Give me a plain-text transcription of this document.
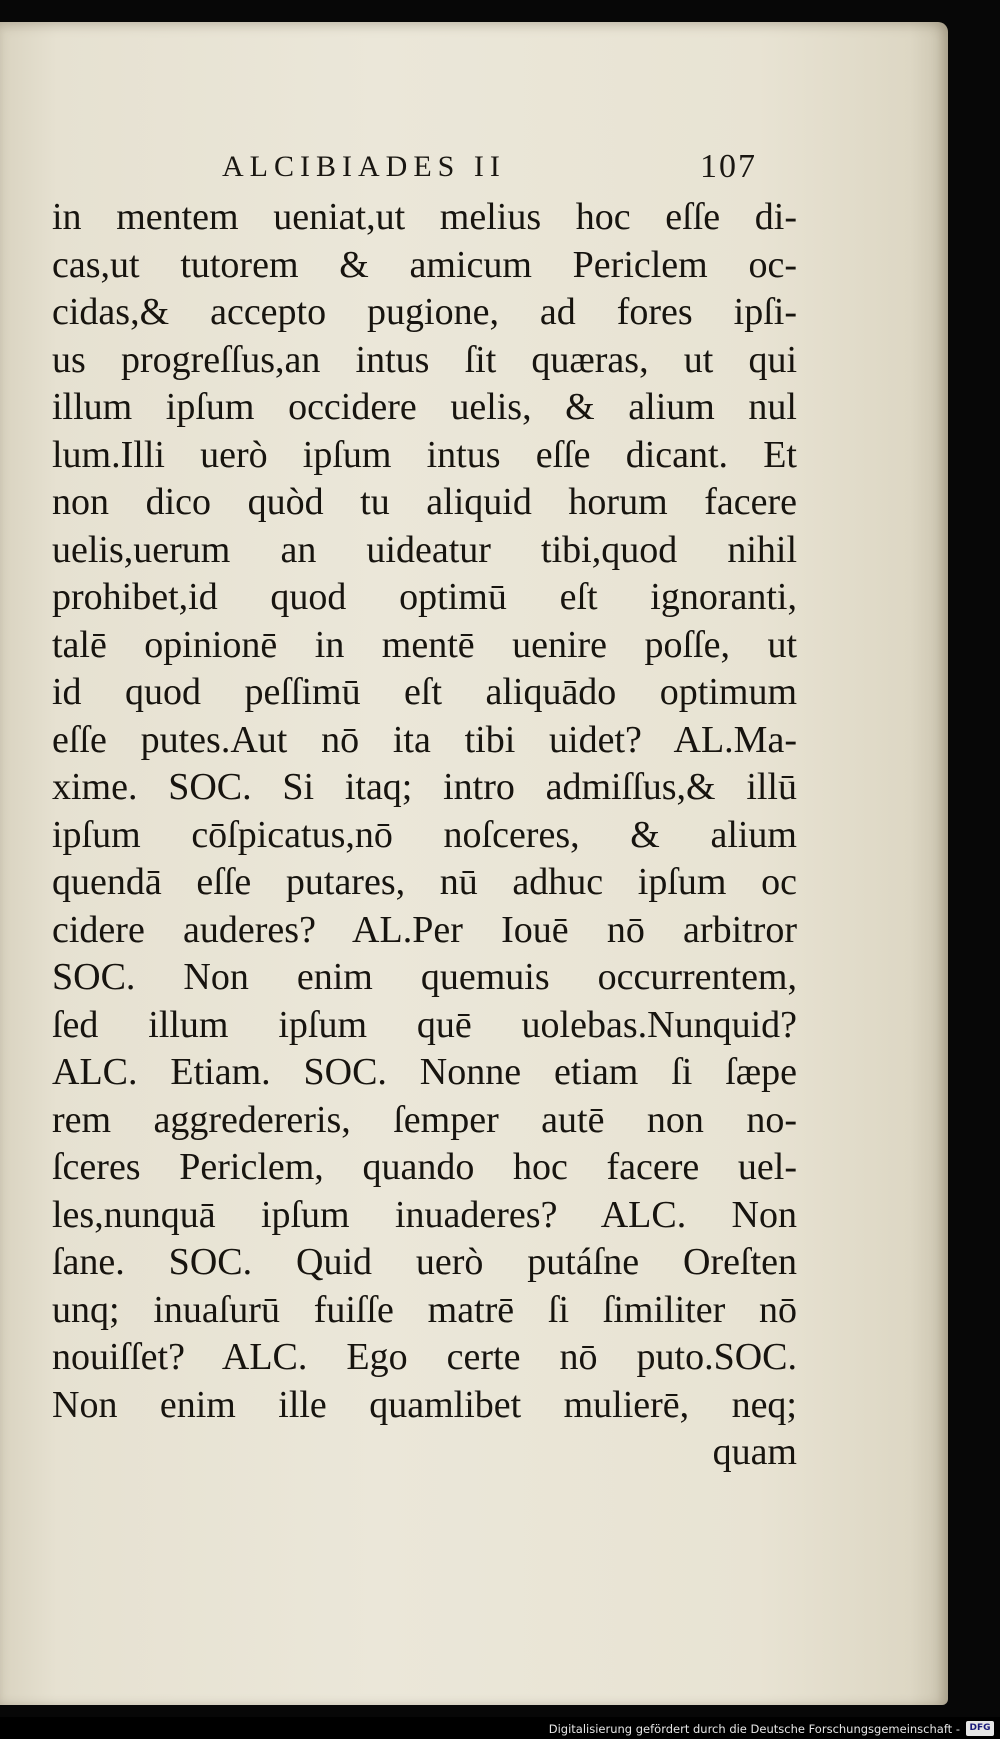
ALCIBIADES II	107
in mentem ueniat,ut melius hoc eſſe di-
cas,ut tutorem & amicum Periclem oc-
cidas,& accepto pugione, ad fores ipſi-
us progreſſus,an intus ſit quæras, ut qui
illum ipſum occidere uelis, & alium nul
lum.Illi uerò ipſum intus eſſe dicant. Et
non dico quòd tu aliquid horum facere
uelis,uerum an uideatur tibi,quod nihil
prohibet,id quod optimū eſt ignoranti,
talē opinionē in mentē uenire poſſe, ut
id quod peſſimū eſt aliquādo optimum
eſſe putes.Aut nō ita tibi uidet? AL.Ma-
xime. SOC. Si itaq; intro admiſſus,& illū
ipſum cōſpicatus,nō noſceres, & alium
quendā eſſe putares, nū adhuc ipſum oc
cidere auderes? AL.Per Iouē nō arbitror
SOC. Non enim quemuis occurrentem,
ſed illum ipſum quē uolebas.Nunquid?
ALC. Etiam. SOC. Nonne etiam ſi ſæpe
rem aggredereris, ſemper autē non no-
ſceres Periclem, quando hoc facere uel-
les,nunquā ipſum inuaderes? ALC. Non
ſane. SOC. Quid uerò putáſne Oreſten
unq; inuaſurū fuiſſe matrē ſi ſimiliter nō
nouiſſet? ALC. Ego certe nō puto.SOC.
Non enim ille quamlibet mulierē, neq;
quam
Digitalisierung gefördert durch die Deutsche Forschungsgemeinschaft -	DFG
